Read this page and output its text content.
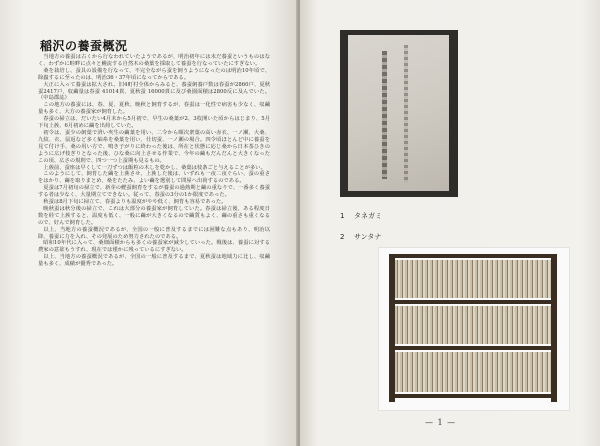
稲沢の養蚕概況

当地方の養蚕は古くから行なわれていたようであるが、明治初年には未だ養蚕というものはなく、わずかに畦畔に点々と鰻流する自然木の桑葉を採取して養蚕を行なっていたにすぎない。

桑を栽培し、蚕具の設備を行なって、不完全ながら蚕を飼うようになったのは明治10年頃で、除蟲するに至ったのは、明治36・37年頃になってからである。

大正に入って養蚕は拡大され、旧4町村全体からみると、養蚕飼養戸数は春蚕が2860戸、夏秋蚕2417戸、収繭量は春蚕 41014貫、夏秋蚕 16000貫に及び桑園面積は2800反に及んでいた。（中島郡誌）

この地方の養蚕には、春、夏、夏秋、晩秋と飼育するが、春蚕は一化性で病害も少なく、収繭量も多く、大方の養蚕家が飼育した。

春蚕の掃立は、だいたい4月末から5月初で、早生の桑葉が2、3枚開いた頃からはじまり、5月下旬上蔟、6月初めに繭を出荷していた。

初令は、蚕少の飼葉で済い夾生の繭葉を用い、二令から順次衆葉の高い赤衣、一ノ瀬、大桑、九紋、衣、鼠返など多く紬糸を桑葉を用い、仕切蚕、一ノ瀬の場合。四令頃ほとんど中に養蚕を見て付け手、桑の用い方で、鳴き子がりに終わった後は、所在と状態に応じ桑から日本茶ひきのように広げ枝ぎりとなった後、ひな桑に向上させる作業で、今年の繭もだんだんと大きくなったこの頃、広さの規則で、四つ一つ上蚕期も見るもの。

上蔟前、蚕座は早くして一刀ずつは飯粒の木しを乾かし、桑葉は枝条ごと与えることが多い。

このようにして、飼育した繭を上蔟させ、上蔟した後は、いずれも一夜二夜ぐらい、蚕の重さをはかり、繭を取りまとめ、桑をたたみ、よい繭を選別して問屋へ出荷するのである。

夏蚕は7月初旬の掃立で、新芽の鰹蚕飼育をするが養蚕の過熱期と繭の重なりで、一番多く養蚕する者は少なく、大量期立てできない。従って、春蚕の3分の1か限度であった。

秋蚕は8月下旬に掃立て、春蚕よりも温度がやや低く、飼育も容易であった。

晩秋蚕は秋分後の掃立で、これは大部分の養蚕家が飼育していた。春蚕は掃立後、ある程度日数を経て上蔟すると、温度も低く、一般に繭が大きくなるので繭質もよく、繭の重さも重くなるので、好んで飼育した。

以上、当地方の養蚕概況であるが、全国の一般に普及するまでには困難な点もあり、明治以降、養蚕に力を入れ、その発展のため努力されたのである。

昭和10年代に入って、桑畑面積からも多くの養蚕家が減少していった。戦後は、養蚕に対する農家の意欲もうすれ、現在では僅かに残っているにすぎない。

以上、当地方の養蚕概況であるが、全国の一般に普及するまで、夏秋蚕は地域力に比し、収繭量も多く、成績が優秀であった。

1 タネガミ
2 サンタナ
— 1 —
